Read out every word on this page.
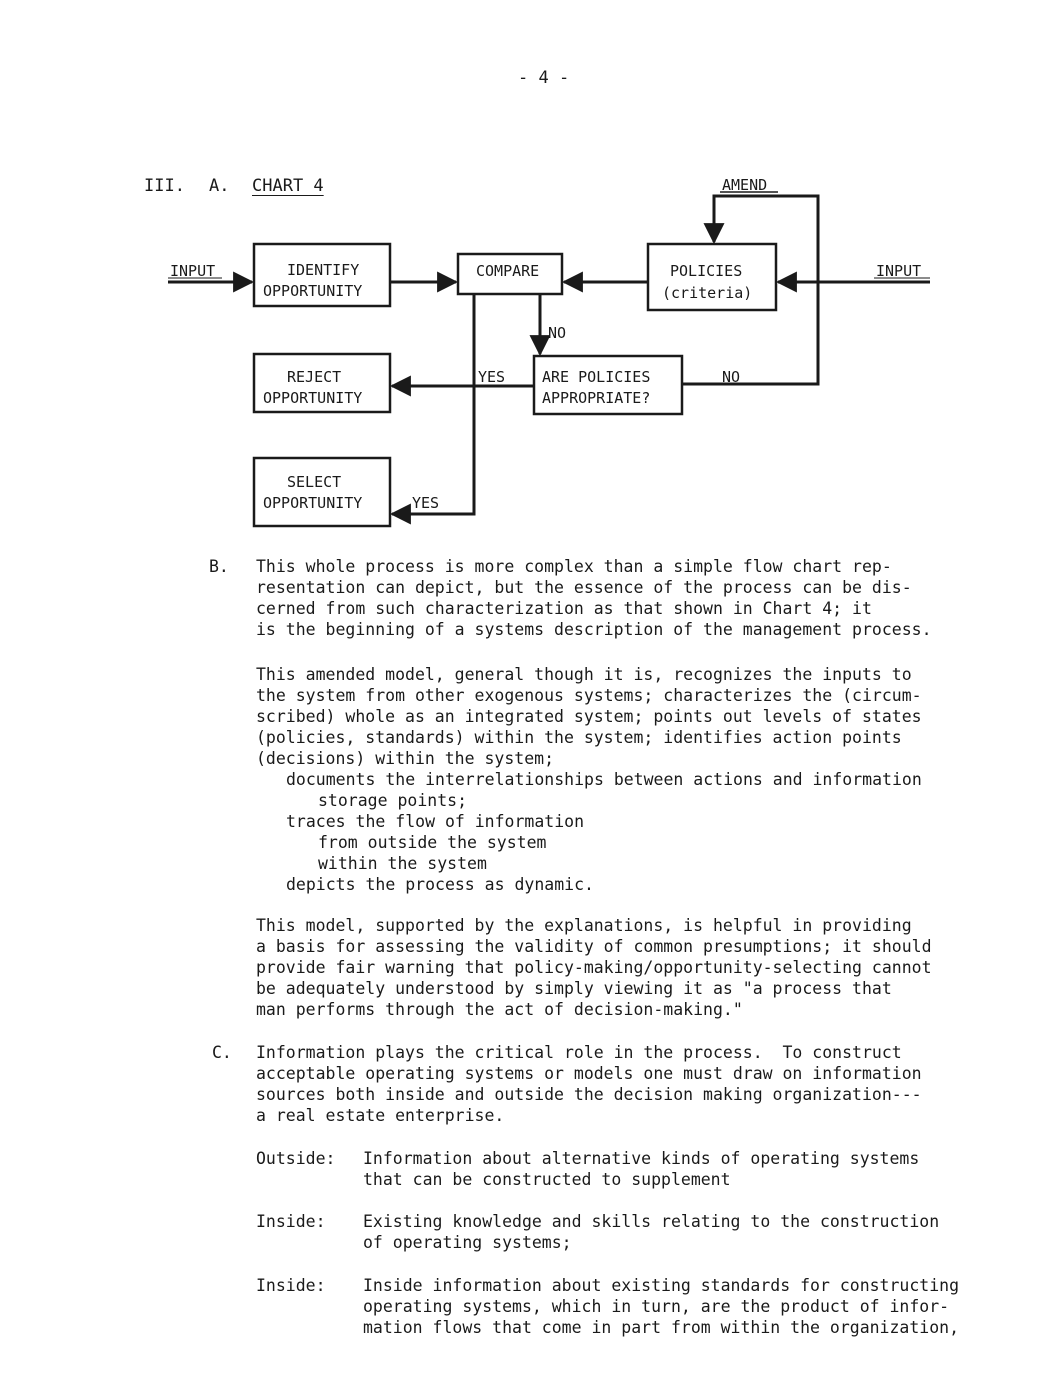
- 4 -
III. A. CHART 4
INPUT	INPUT
AMEND
IDENTIFY
OPPORTUNITY
COMPARE	POLICIES
(criteria)
NO
REJECT
OPPORTUNITY
YES ARE POLICIES
APPROPRIATE?
NO
SELECT
OPPORTUNITY	YES
B. This whole process is more complex than a simple flow chart rep-
resentation can depict, but the essence of the process can be dis-
cerned from such characterization as that shown in Chart 4; it
is the beginning of a systems description of the management process.
This amended model, general though it is, recognizes the inputs to
the system from other exogenous systems; characterizes the (circum-
scribed) whole as an integrated system; points out levels of states
(policies, standards) within the system; identifies action points
(decisions) within the system;
documents the interrelationships between actions and information
storage points;
traces the flow of information
from outside the system
within the system
depicts the process as dynamic.
This model, supported by the explanations, is helpful in providing
a basis for assessing the validity of common presumptions; it should
provide fair warning that policy-making/opportunity-selecting cannot
be adequately understood by simply viewing it as "a process that
man performs through the act of decision-making."
C. Information plays the critical role in the process.  To construct
acceptable operating systems or models one must draw on information
sources both inside and outside the decision making organization---
a real estate enterprise.
Outside: Information about alternative kinds of operating systems
that can be constructed to supplement
Inside: Existing knowledge and skills relating to the construction
of operating systems;
Inside: Inside information about existing standards for constructing
operating systems, which in turn, are the product of infor-
mation flows that come in part from within the organization,
